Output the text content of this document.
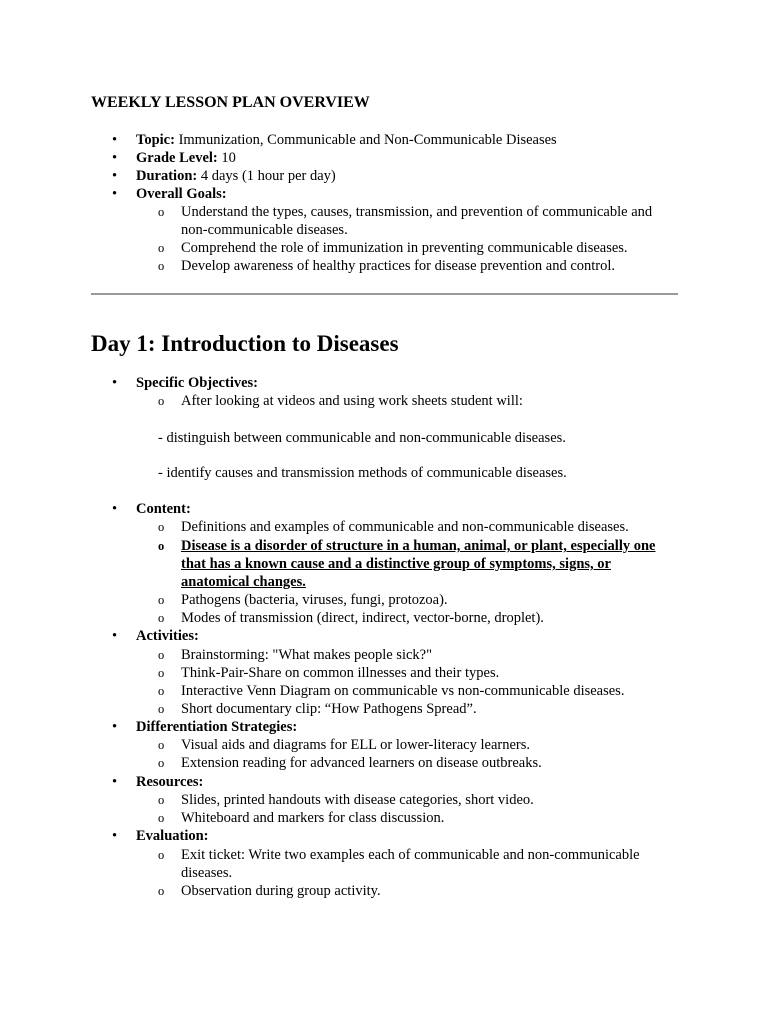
WEEKLY LESSON PLAN OVERVIEW
• Topic: Immunization, Communicable and Non-Communicable Diseases
• Grade Level: 10
• Duration: 4 days (1 hour per day)
• Overall Goals:
o Understand the types, causes, transmission, and prevention of communicable and
non-communicable diseases.
o Comprehend the role of immunization in preventing communicable diseases.
o Develop awareness of healthy practices for disease prevention and control.
Day 1: Introduction to Diseases
• Specific Objectives:
o After looking at videos and using work sheets student will:
- distinguish between communicable and non-communicable diseases.
- identify causes and transmission methods of communicable diseases.
• Content:
o Definitions and examples of communicable and non-communicable diseases.
o Disease is a disorder of structure in a human, animal, or plant, especially one
that has a known cause and a distinctive group of symptoms, signs, or
anatomical changes.
o Pathogens (bacteria, viruses, fungi, protozoa).
o Modes of transmission (direct, indirect, vector-borne, droplet).
• Activities:
o Brainstorming: "What makes people sick?"
o Think-Pair-Share on common illnesses and their types.
o Interactive Venn Diagram on communicable vs non-communicable diseases.
o Short documentary clip: “How Pathogens Spread”.
• Differentiation Strategies:
o Visual aids and diagrams for ELL or lower-literacy learners.
o Extension reading for advanced learners on disease outbreaks.
• Resources:
o Slides, printed handouts with disease categories, short video.
o Whiteboard and markers for class discussion.
• Evaluation:
o Exit ticket: Write two examples each of communicable and non-communicable
diseases.
o Observation during group activity.
